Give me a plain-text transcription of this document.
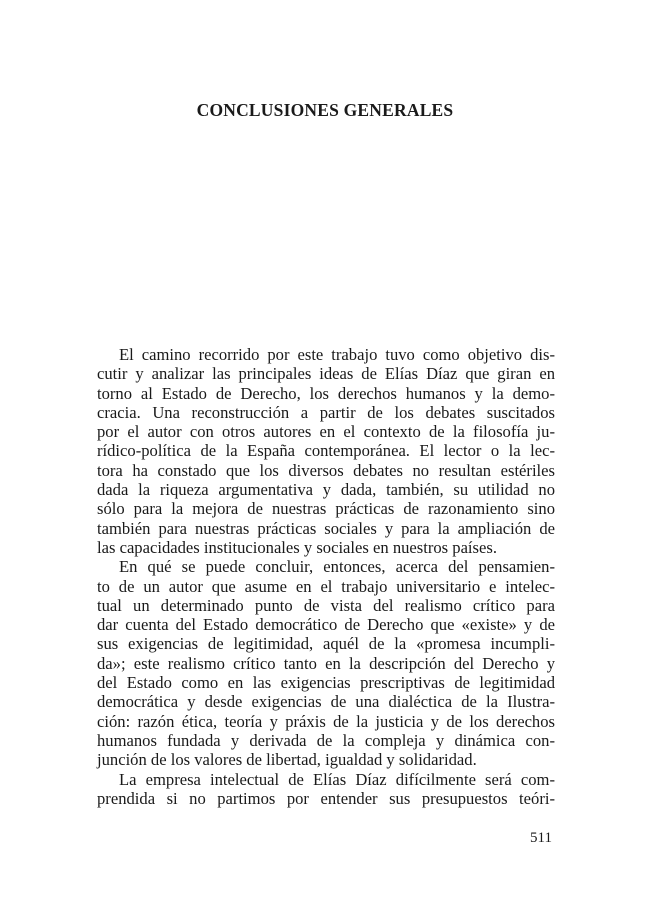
CONCLUSIONES GENERALES
El camino recorrido por este trabajo tuvo como objetivo dis-
cutir y analizar las principales ideas de Elías Díaz que giran en
torno al Estado de Derecho, los derechos humanos y la demo-
cracia. Una reconstrucción a partir de los debates suscitados
por el autor con otros autores en el contexto de la filosofía ju-
rídico-política de la España contemporánea. El lector o la lec-
tora ha constado que los diversos debates no resultan estériles
dada la riqueza argumentativa y dada, también, su utilidad no
sólo para la mejora de nuestras prácticas de razonamiento sino
también para nuestras prácticas sociales y para la ampliación de
las capacidades institucionales y sociales en nuestros países.
En qué se puede concluir, entonces, acerca del pensamien-
to de un autor que asume en el trabajo universitario e intelec-
tual un determinado punto de vista del realismo crítico para
dar cuenta del Estado democrático de Derecho que «existe» y de
sus exigencias de legitimidad, aquél de la «promesa incumpli-
da»; este realismo crítico tanto en la descripción del Derecho y
del Estado como en las exigencias prescriptivas de legitimidad
democrática y desde exigencias de una dialéctica de la Ilustra-
ción: razón ética, teoría y práxis de la justicia y de los derechos
humanos fundada y derivada de la compleja y dinámica con-
junción de los valores de libertad, igualdad y solidaridad.
La empresa intelectual de Elías Díaz difícilmente será com-
prendida si no partimos por entender sus presupuestos teóri-

511
